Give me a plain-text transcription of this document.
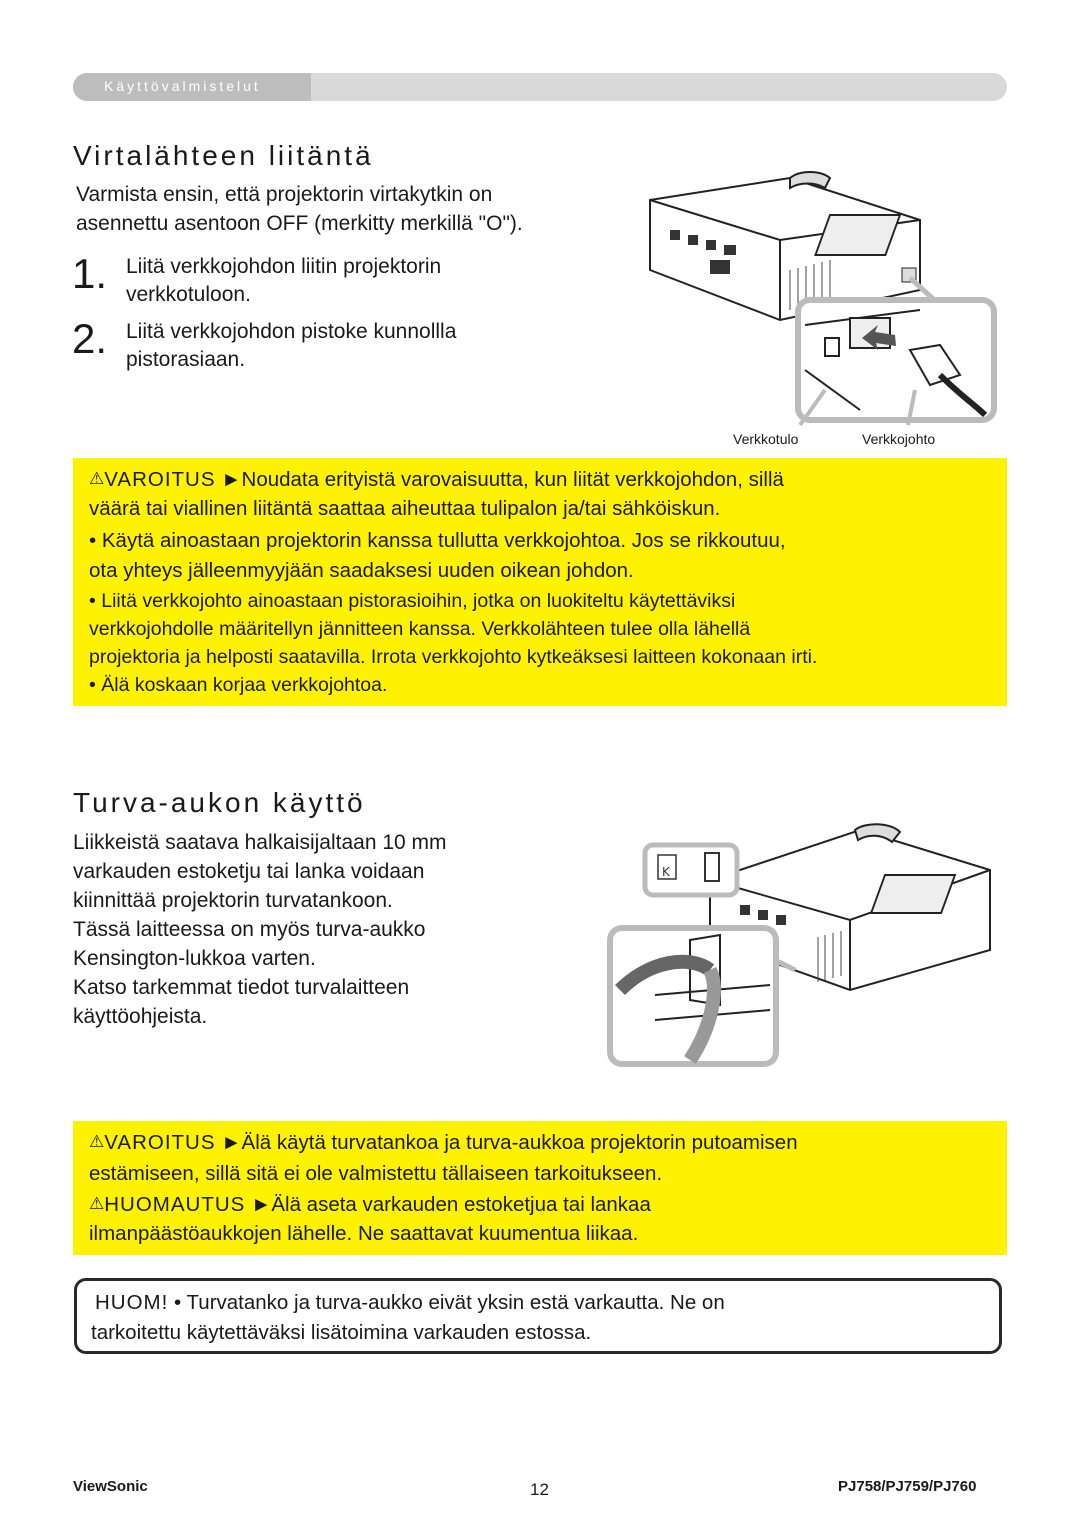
Käyttövalmistelut
Virtalähteen liitäntä
Varmista ensin, että projektorin virtakytkin on
asennettu asentoon OFF (merkitty merkillä "O").
1. Liitä verkkojohdon liitin projektorin
verkkotuloon.
2. Liitä verkkojohdon pistoke kunnollla
pistorasiaan.
Verkkotulo	Verkkojohto
⚠VAROITUS ►Noudata erityistä varovaisuutta, kun liität verkkojohdon, sillä
väärä tai viallinen liitäntä saattaa aiheuttaa tulipalon ja/tai sähköiskun.
• Käytä ainoastaan projektorin kanssa tullutta verkkojohtoa. Jos se rikkoutuu,
ota yhteys jälleenmyyjään saadaksesi uuden oikean johdon.
• Liitä verkkojohto ainoastaan pistorasioihin, jotka on luokiteltu käytettäviksi
verkkojohdolle määritellyn jännitteen kanssa. Verkkolähteen tulee olla lähellä
projektoria ja helposti saatavilla. Irrota verkkojohto kytkeäksesi laitteen kokonaan irti.
• Älä koskaan korjaa verkkojohtoa.
Turva-aukon käyttö
Liikkeistä saatava halkaisijaltaan 10 mm
varkauden estoketju tai lanka voidaan
kiinnittää projektorin turvatankoon.
Tässä laitteessa on myös turva-aukko
Kensington-lukkoa varten.
Katso tarkemmat tiedot turvalaitteen
käyttöohjeista.
K
⚠VAROITUS ►Älä käytä turvatankoa ja turva-aukkoa projektorin putoamisen
estämiseen, sillä sitä ei ole valmistettu tällaiseen tarkoitukseen.
⚠HUOMAUTUS ►Älä aseta varkauden estoketjua tai lankaa
ilmanpäästöaukkojen lähelle. Ne saattavat kuumentua liikaa.
HUOM! • Turvatanko ja turva-aukko eivät yksin estä varkautta. Ne on
tarkoitettu käytettäväksi lisätoimina varkauden estossa.
ViewSonic	12	PJ758/PJ759/PJ760
